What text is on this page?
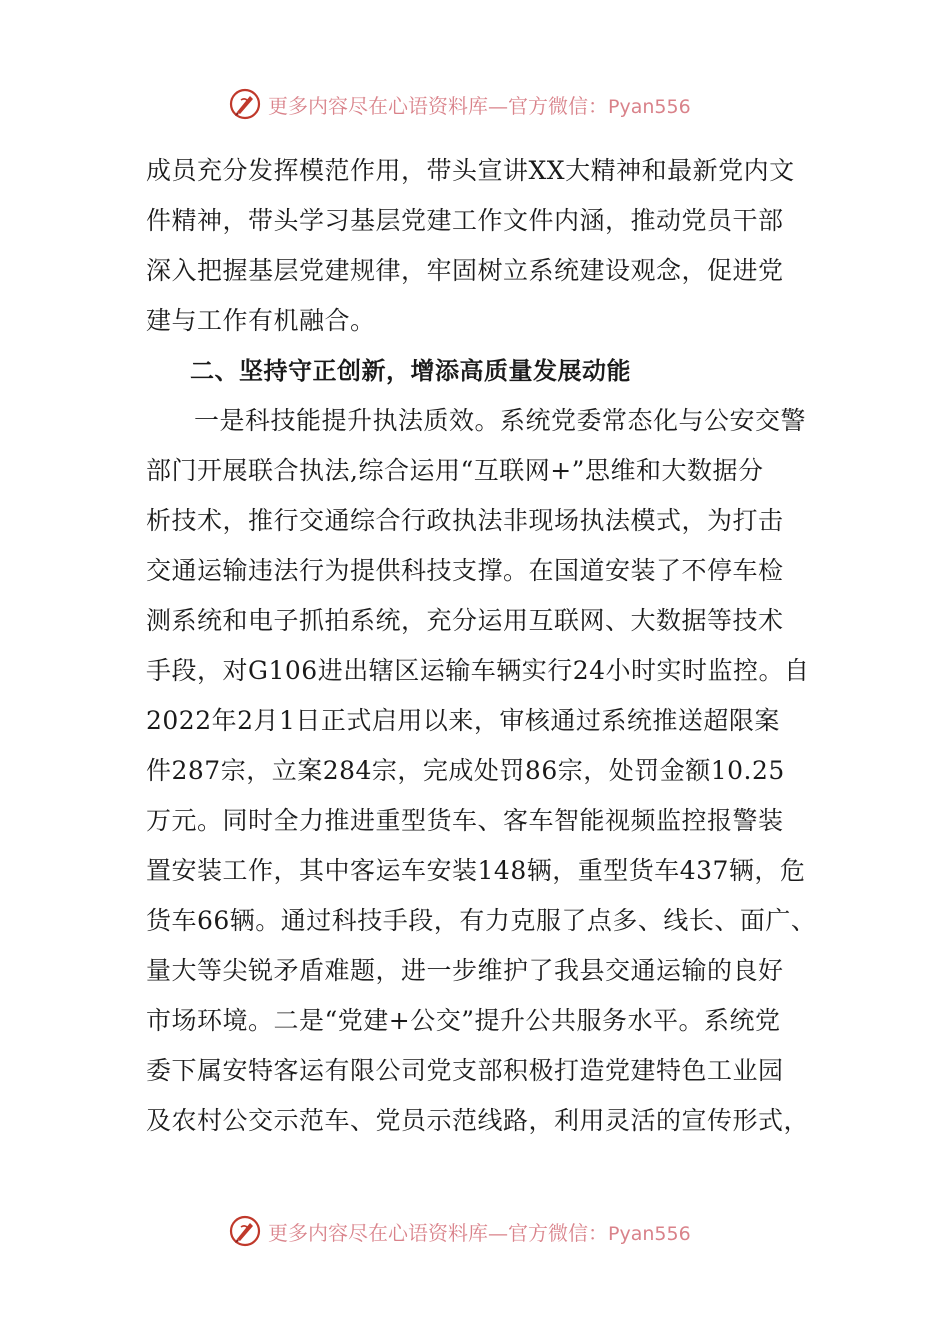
更多内容尽在心语资料库—官方微信：Pyan556
成员充分发挥模范作用，带头宣讲XX大精神和最新党内文
件精神，带头学习基层党建工作文件内涵，推动党员干部
深入把握基层党建规律，牢固树立系统建设观念，促进党
建与工作有机融合。
二、坚持守正创新，增添高质量发展动能
一是科技能提升执法质效。系统党委常态化与公安交警
部门开展联合执法,综合运用“互联网+”思维和大数据分
析技术，推行交通综合行政执法非现场执法模式，为打击
交通运输违法行为提供科技支撑。在国道安装了不停车检
测系统和电子抓拍系统，充分运用互联网、大数据等技术
手段，对G106进出辖区运输车辆实行24小时实时监控。自
2022年2月1日正式启用以来，审核通过系统推送超限案
件287宗，立案284宗，完成处罚86宗，处罚金额10.25
万元。同时全力推进重型货车、客车智能视频监控报警装
置安装工作，其中客运车安装148辆，重型货车437辆，危
货车66辆。通过科技手段，有力克服了点多、线长、面广、
量大等尖锐矛盾难题，进一步维护了我县交通运输的良好
市场环境。二是“党建+公交”提升公共服务水平。系统党
委下属安特客运有限公司党支部积极打造党建特色工业园
及农村公交示范车、党员示范线路，利用灵活的宣传形式，
更多内容尽在心语资料库—官方微信：Pyan556
